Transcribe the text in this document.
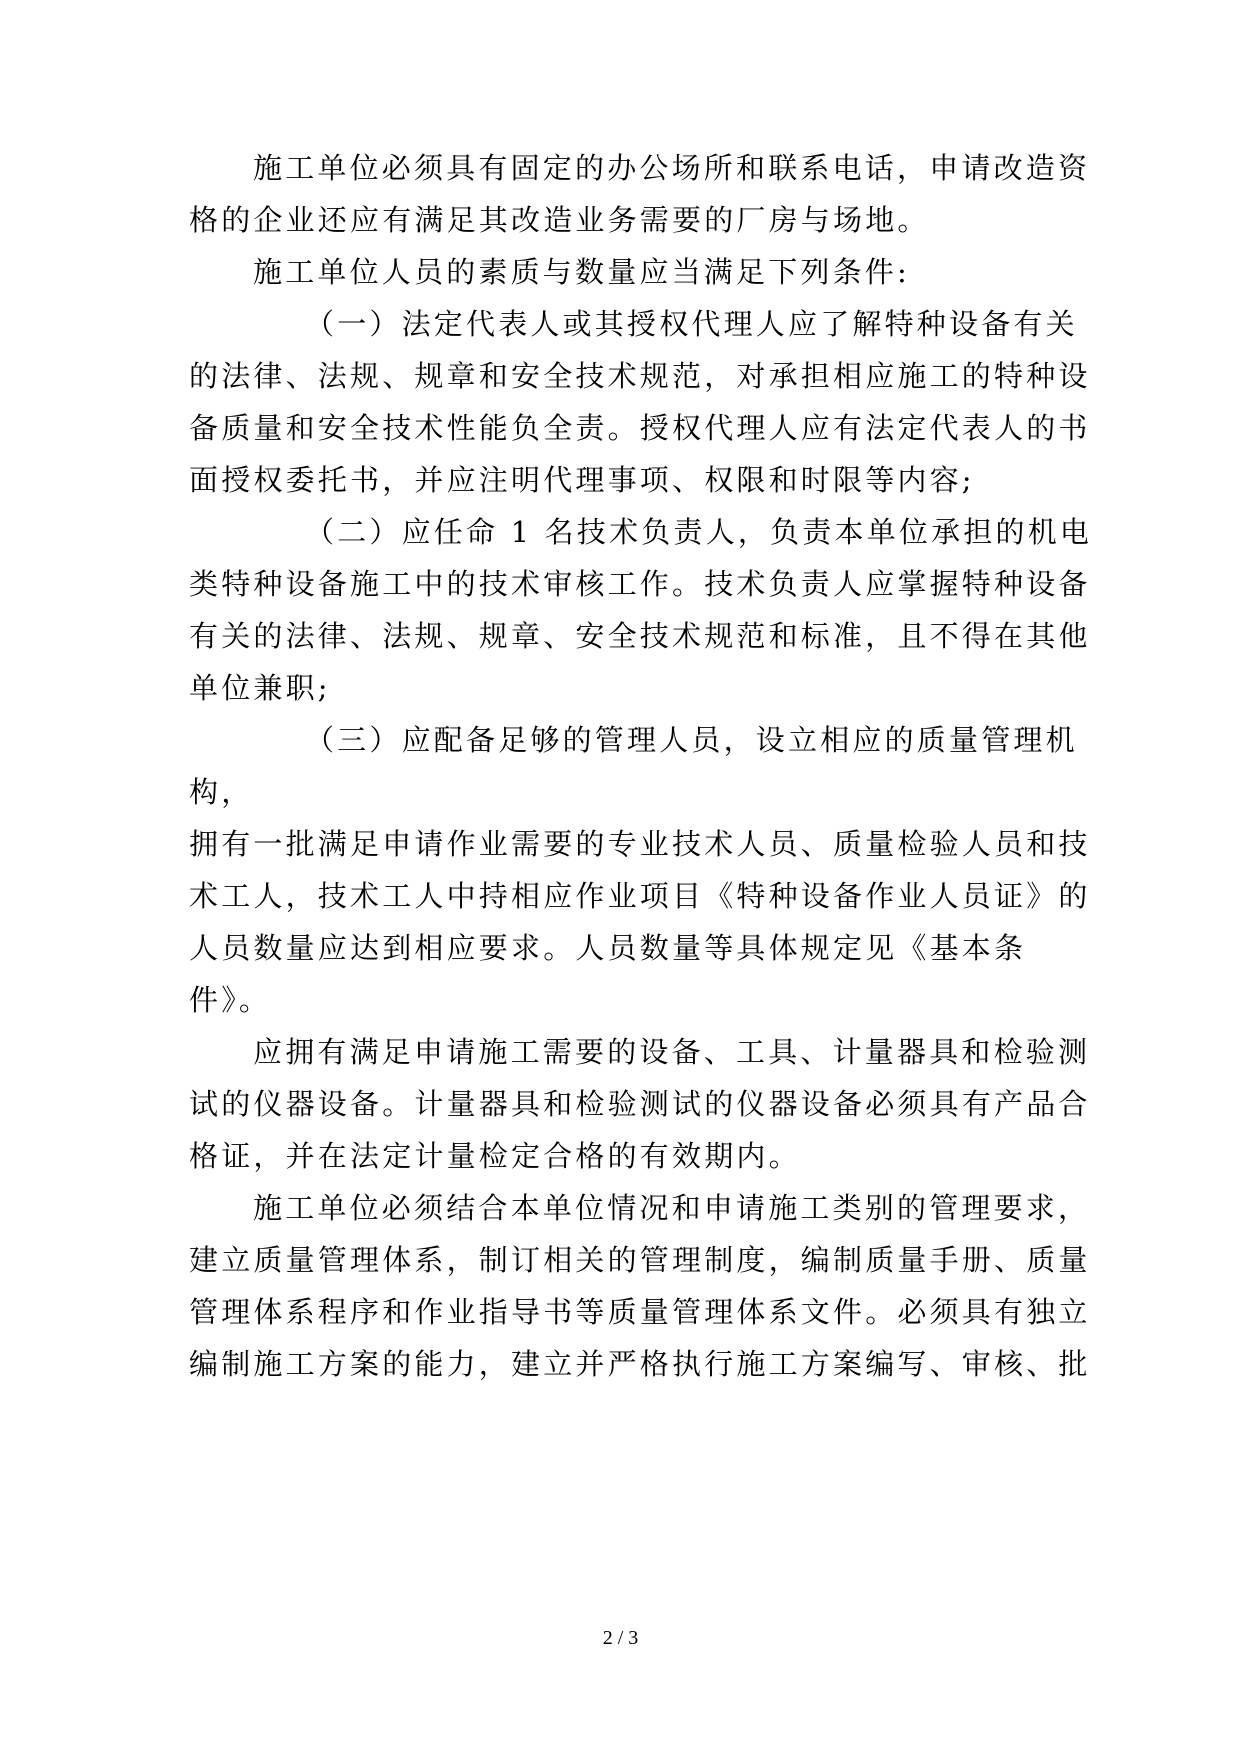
施工单位必须具有固定的办公场所和联系电话，申请改造资
格的企业还应有满足其改造业务需要的厂房与场地。
施工单位人员的素质与数量应当满足下列条件:
（一）法定代表人或其授权代理人应了解特种设备有关
的法律、法规、规章和安全技术规范，对承担相应施工的特种设
备质量和安全技术性能负全责。授权代理人应有法定代表人的书
面授权委托书，并应注明代理事项、权限和时限等内容;
（二）应任命 1 名技术负责人，负责本单位承担的机电
类特种设备施工中的技术审核工作。技术负责人应掌握特种设备
有关的法律、法规、规章、安全技术规范和标准，且不得在其他
单位兼职;
（三）应配备足够的管理人员，设立相应的质量管理机
构，
拥有一批满足申请作业需要的专业技术人员、质量检验人员和技
术工人，技术工人中持相应作业项目《特种设备作业人员证》的
人员数量应达到相应要求。人员数量等具体规定见《基本条
件》。
应拥有满足申请施工需要的设备、工具、计量器具和检验测
试的仪器设备。计量器具和检验测试的仪器设备必须具有产品合
格证，并在法定计量检定合格的有效期内。
施工单位必须结合本单位情况和申请施工类别的管理要求，
建立质量管理体系，制订相关的管理制度，编制质量手册、质量
管理体系程序和作业指导书等质量管理体系文件。必须具有独立
编制施工方案的能力，建立并严格执行施工方案编写、审核、批
2 / 3
